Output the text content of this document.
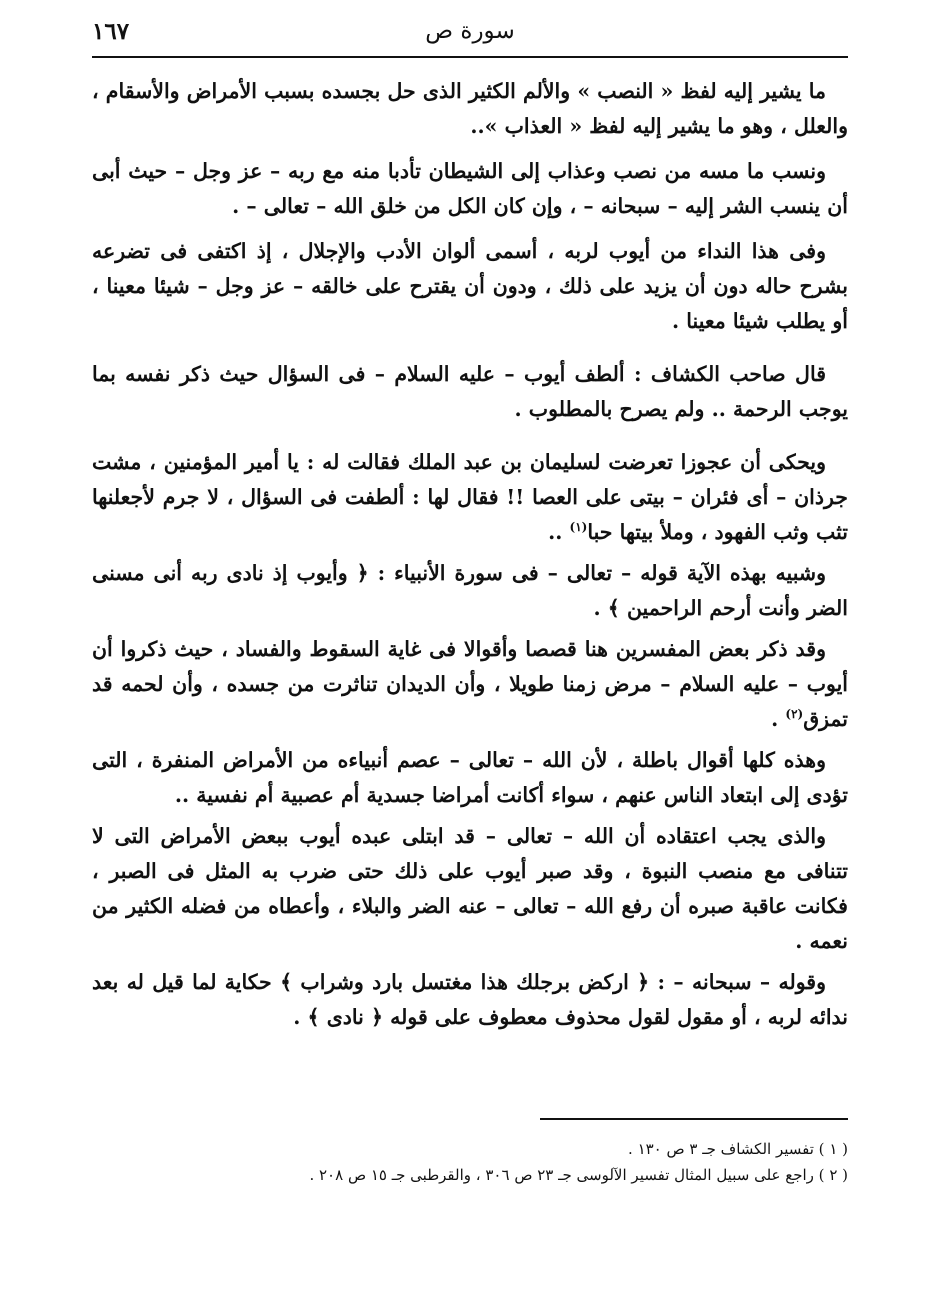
١٦٧	سورة ص

ما يشير إليه لفظ « النصب » والألم الكثير الذى حل بجسده بسبب الأمراض والأسقام ، والعلل ، وهو ما يشير إليه لفظ « العذاب »..

ونسب ما مسه من نصب وعذاب إلى الشيطان تأدبا منه مع ربه – عز وجل – حيث أبى أن ينسب الشر إليه – سبحانه – ، وإن كان الكل من خلق الله – تعالى – .

وفى هذا النداء من أيوب لربه ، أسمى ألوان الأدب والإجلال ، إذ اكتفى فى تضرعه بشرح حاله دون أن يزيد على ذلك ، ودون أن يقترح على خالقه – عز وجل – شيئا معينا ، أو يطلب شيئا معينا .

قال صاحب الكشاف : ألطف أيوب – عليه السلام – فى السؤال حيث ذكر نفسه بما يوجب الرحمة .. ولم يصرح بالمطلوب .

ويحكى أن عجوزا تعرضت لسليمان بن عبد الملك فقالت له : يا أمير المؤمنين ، مشت جرذان – أى فئران – بيتى على العصا !! فقال لها : ألطفت فى السؤال ، لا جرم لأجعلنها تثب وثب الفهود ، وملأ بيتها حبا$^{(١)}$ ..

وشبيه بهذه الآية قوله – تعالى – فى سورة الأنبياء : ﴿ وأيوب إذ نادى ربه أنى مسنى الضر وأنت أرحم الراحمين ﴾ .

وقد ذكر بعض المفسرين هنا قصصا وأقوالا فى غاية السقوط والفساد ، حيث ذكروا أن أيوب – عليه السلام – مرض زمنا طويلا ، وأن الديدان تناثرت من جسده ، وأن لحمه قد تمزق$^{(٢)}$ .

وهذه كلها أقوال باطلة ، لأن الله – تعالى – عصم أنبياءه من الأمراض المنفرة ، التى تؤدى إلى ابتعاد الناس عنهم ، سواء أكانت أمراضا جسدية أم عصبية أم نفسية ..

والذى يجب اعتقاده أن الله – تعالى – قد ابتلى عبده أيوب ببعض الأمراض التى لا تتنافى مع منصب النبوة ، وقد صبر أيوب على ذلك حتى ضرب به المثل فى الصبر ، فكانت عاقبة صبره أن رفع الله – تعالى – عنه الضر والبلاء ، وأعطاه من فضله الكثير من نعمه .

وقوله – سبحانه – : ﴿ اركض برجلك هذا مغتسل بارد وشراب ﴾ حكاية لما قيل له بعد ندائه لربه ، أو مقول لقول محذوف معطوف على قوله ﴿ نادى ﴾ .

( ١ ) تفسير الكشاف جـ ٣ ص ١٣٠ .

( ٢ ) راجع على سبيل المثال تفسير الآلوسى جـ ٢٣ ص ٣٠٦ ، والقرطبى جـ ١٥ ص ٢٠٨ .
